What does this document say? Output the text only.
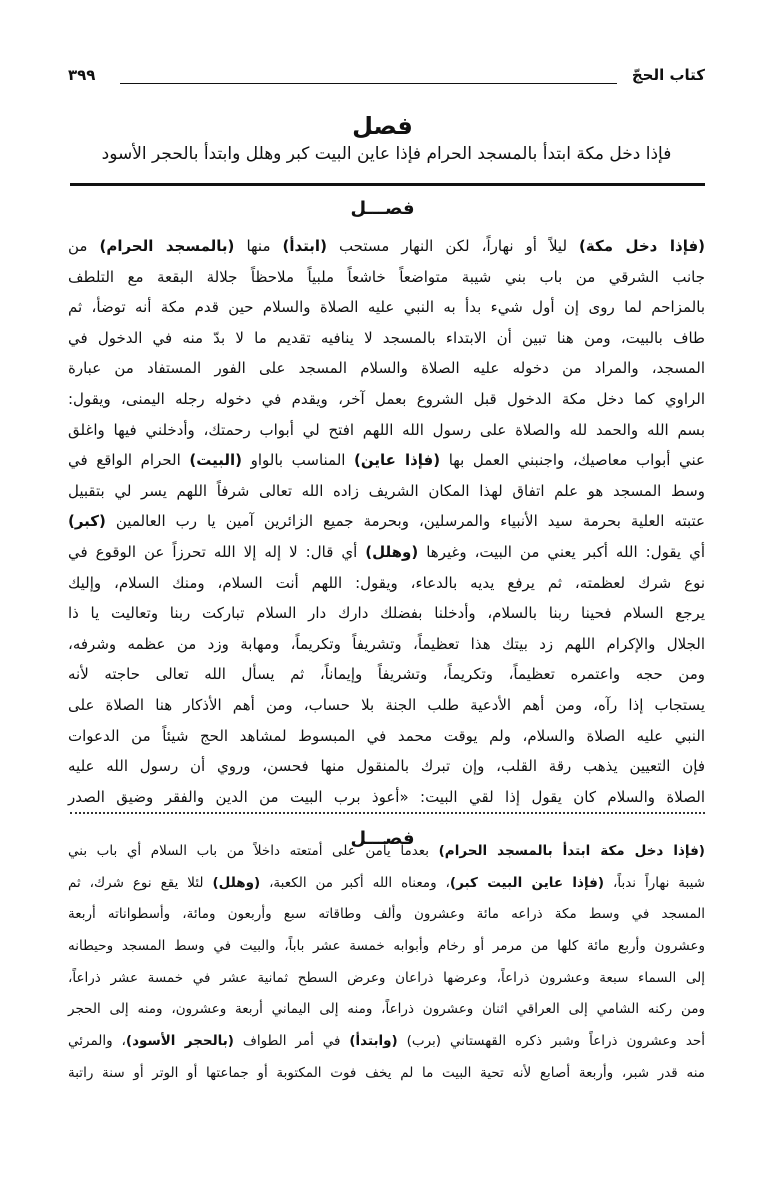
كتاب الحجّ
٣٩٩
فصل
فإذا دخل مكة ابتدأ بالمسجد الحرام فإذا عاين البيت كبر وهلل وابتدأ بالحجر الأسود
فصـــل
(فإذا دخل مكة) ليلاً أو نهاراً، لكن النهار مستحب (ابتدأ) منها (بالمسجد الحرام) من
جانب الشرقي من باب بني شيبة متواضعاً خاشعاً ملبياً ملاحظاً جلالة البقعة مع التلطف
بالمزاحم لما روى إن أول شيء بدأ به النبي عليه الصلاة والسلام حين قدم مكة أنه توضأ، ثم
طاف بالبيت، ومن هنا تبين أن الابتداء بالمسجد لا ينافيه تقديم ما لا بدّ منه في الدخول في
المسجد، والمراد من دخوله عليه الصلاة والسلام المسجد على الفور المستفاد من عبارة
الراوي كما دخل مكة الدخول قبل الشروع بعمل آخر، ويقدم في دخوله رجله اليمنى، ويقول:
بسم الله والحمد لله والصلاة على رسول الله اللهم افتح لي أبواب رحمتك، وأدخلني فيها واغلق
عني أبواب معاصيك، واجنبني العمل بها (فإذا عاين) المناسب بالواو (البيت) الحرام الواقع في
وسط المسجد هو علم اتفاق لهذا المكان الشريف زاده الله تعالى شرفاً اللهم يسر لي بتقبيل
عتبته العلية بحرمة سيد الأنبياء والمرسلين، وبحرمة جميع الزائرين آمين يا رب العالمين (كبر)
أي يقول: الله أكبر يعني من البيت، وغيرها (وهلل) أي قال: لا إله إلا الله تحرزاً عن الوقوع في
نوع شرك لعظمته، ثم يرفع يديه بالدعاء، ويقول: اللهم أنت السلام، ومنك السلام، وإليك
يرجع السلام فحينا ربنا بالسلام، وأدخلنا بفضلك دارك دار السلام تباركت ربنا وتعاليت يا ذا
الجلال والإكرام اللهم زد بيتك هذا تعظيماً، وتشريفاً وتكريماً، ومهابة وزد من عظمه وشرفه،
ومن حجه واعتمره تعظيماً، وتكريماً، وتشريفاً وإيماناً، ثم يسأل الله تعالى حاجته لأنه
يستجاب إذا رآه، ومن أهم الأدعية طلب الجنة بلا حساب، ومن أهم الأذكار هنا الصلاة على
النبي عليه الصلاة والسلام، ولم يوقت محمد في المبسوط لمشاهد الحج شيئاً من الدعوات
فإن التعيين يذهب رقة القلب، وإن تبرك بالمنقول منها فحسن، وروي أن رسول الله عليه
الصلاة والسلام كان يقول إذا لقي البيت: «أعوذ برب البيت من الدين والفقر وضيق الصدر
فصـــل
(فإذا دخل مكة ابتدأ بالمسجد الحرام) بعدما يأمن على أمتعته داخلاً من باب السلام أي باب بني
شيبة نهاراً ندباً، (فإذا عاين البيت كبر)، ومعناه الله أكبر من الكعبة، (وهلل) لئلا يقع نوع شرك، ثم
المسجد في وسط مكة ذراعه مائة وعشرون وألف وطاقاته سبع وأربعون ومائة، وأسطواناته أربعة
وعشرون وأربع مائة كلها من مرمر أو رخام وأبوابه خمسة عشر باباً، والبيت في وسط المسجد وحيطانه
إلى السماء سبعة وعشرون ذراعاً، وعرضها ذراعان وعرض السطح ثمانية عشر في خمسة عشر ذراعاً،
ومن ركنه الشامي إلى العراقي اثنان وعشرون ذراعاً، ومنه إلى اليماني أربعة وعشرون، ومنه إلى الحجر
أحد وعشرون ذراعاً وشبر ذكره القهستاني (برب) (وابتدأ) في أمر الطواف (بالحجر الأسود)، والمرئي
منه قدر شبر، وأربعة أصابع لأنه تحية البيت ما لم يخف فوت المكتوبة أو جماعتها أو الوتر أو سنة راتبة
